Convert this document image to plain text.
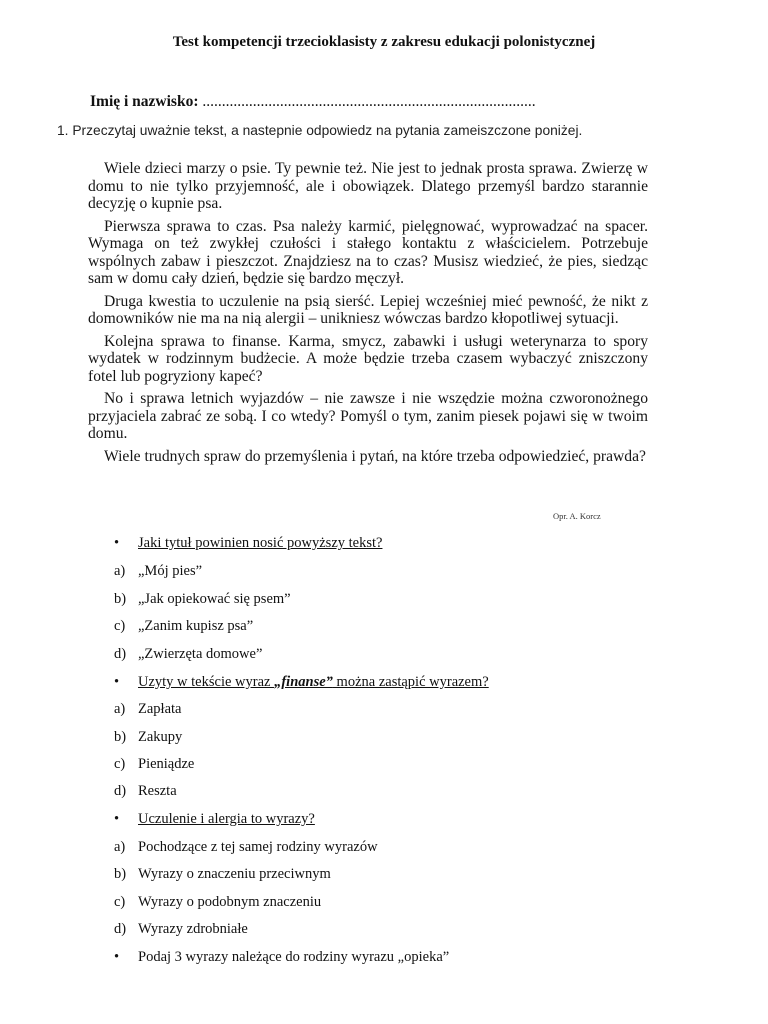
Test kompetencji trzecioklasisty z zakresu edukacji polonistycznej
Imię i nazwisko: ......................................................................................
1. Przeczytaj uważnie tekst, a nastepnie odpowiedz na pytania zameiszczone poniżej.

Wiele dzieci marzy o psie. Ty pewnie też. Nie jest to jednak prosta sprawa. Zwierzę w domu to nie tylko przyjemność, ale i obowiązek. Dlatego przemyśl bardzo starannie decyzję o kupnie psa.

Pierwsza sprawa to czas. Psa należy karmić, pielęgnować, wyprowadzać na spacer. Wymaga on też zwykłej czułości i stałego kontaktu z właścicielem. Potrzebuje wspólnych zabaw i pieszczot. Znajdziesz na to czas? Musisz wiedzieć, że pies, siedząc sam w domu cały dzień, będzie się bardzo męczył.

Druga kwestia to uczulenie na psią sierść. Lepiej wcześniej mieć pewność, że nikt z domowników nie ma na nią alergii – unikniesz wówczas bardzo kłopotliwej sytuacji.

Kolejna sprawa to finanse. Karma, smycz, zabawki i usługi weterynarza to spory wydatek w rodzinnym budżecie. A może będzie trzeba czasem wybaczyć zniszczony fotel lub pogryziony kapeć?

No i sprawa letnich wyjazdów – nie zawsze i nie wszędzie można czworonożnego przyjaciela zabrać ze sobą. I co wtedy? Pomyśl o tym, zanim piesek pojawi się w twoim domu.

Wiele trudnych spraw do przemyślenia i pytań, na które trzeba odpowiedzieć, prawda?

Opr. A. Korcz
• Jaki tytuł powinien nosić powyższy tekst?
a) „Mój pies”
b) „Jak opiekować się psem”
c) „Zanim kupisz psa”
d) „Zwierzęta domowe”
• Uzyty w tekście wyraz „finanse” można zastąpić wyrazem?
a) Zapłata
b) Zakupy
c) Pieniądze
d) Reszta
• Uczulenie i alergia to wyrazy?
a) Pochodzące z tej samej rodziny wyrazów
b) Wyrazy o znaczeniu przeciwnym
c) Wyrazy o podobnym znaczeniu
d) Wyrazy zdrobniałe
• Podaj 3 wyrazy należące do rodziny wyrazu „opieka”
